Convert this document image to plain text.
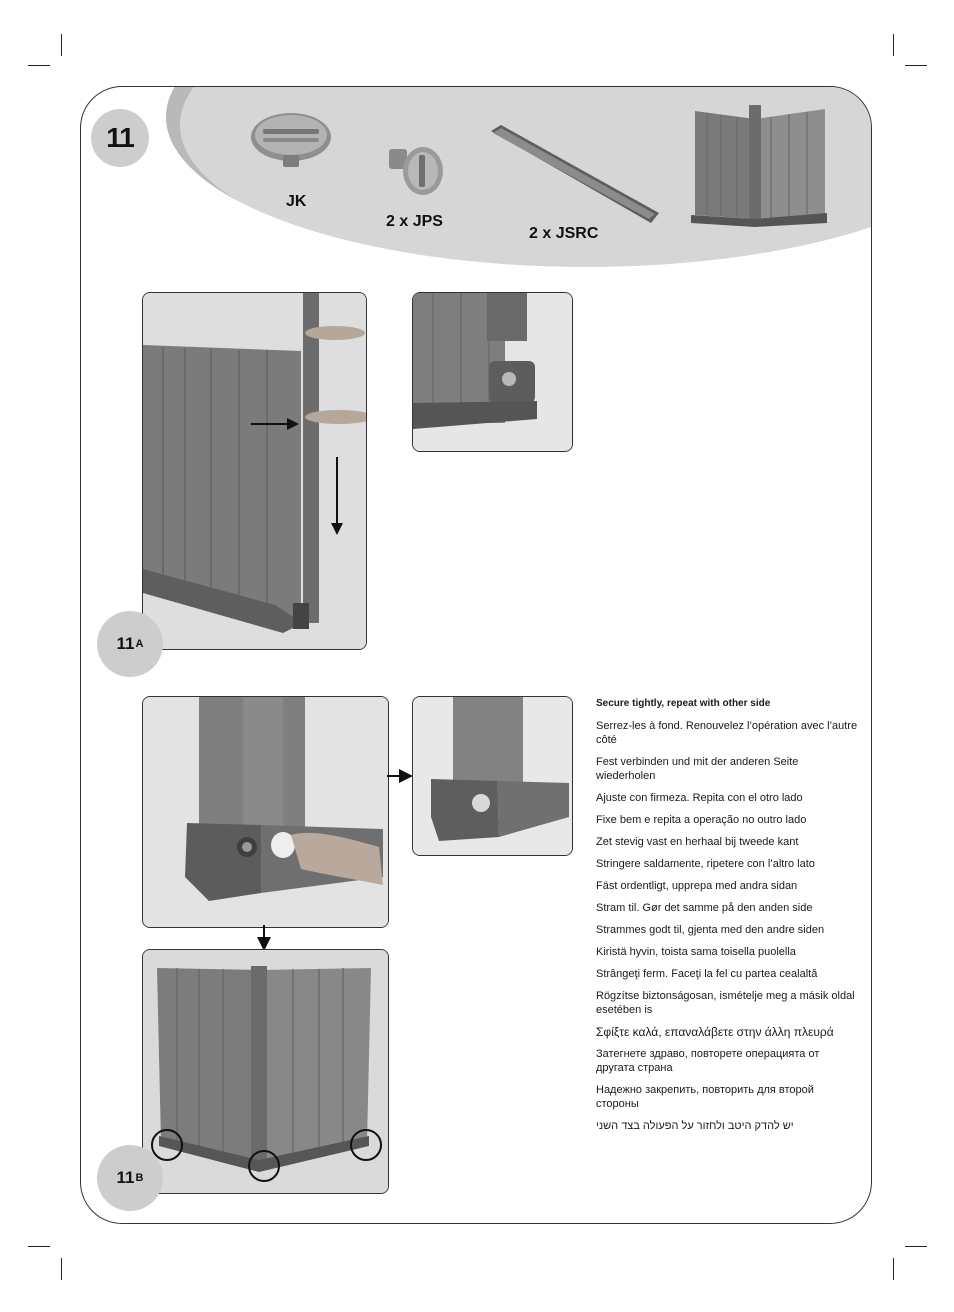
11
JK
2 x JPS
2 x JSRC
11 A
11 B

Secure tightly, repeat with other side

Serrez-les à fond. Renouvelez l’opération avec l’autre côté

Fest verbinden und mit der anderen Seite wiederholen

Ajuste con firmeza. Repita con el otro lado

Fixe bem e repita a operação no outro lado

Zet stevig vast en herhaal bij tweede kant

Stringere saldamente, ripetere con l’altro lato

Fäst ordentligt, upprepa med andra sidan

Stram til. Gør det samme på den anden side

Strammes godt til, gjenta med den andre siden

Kiristä hyvin, toista sama toisella puolella

Strângeţi ferm. Faceţi la fel cu partea cealaltă

Rögzítse biztonságosan, ismételje meg a másik oldal esetében is

Σφίξτε καλά, επαναλάβετε στην άλλη πλευρά

Затегнете здраво, повторете операцията от другата страна

Надежно закрепить, повторить для второй стороны

יש להדק היטב ולחזור על הפעולה בצד השני
